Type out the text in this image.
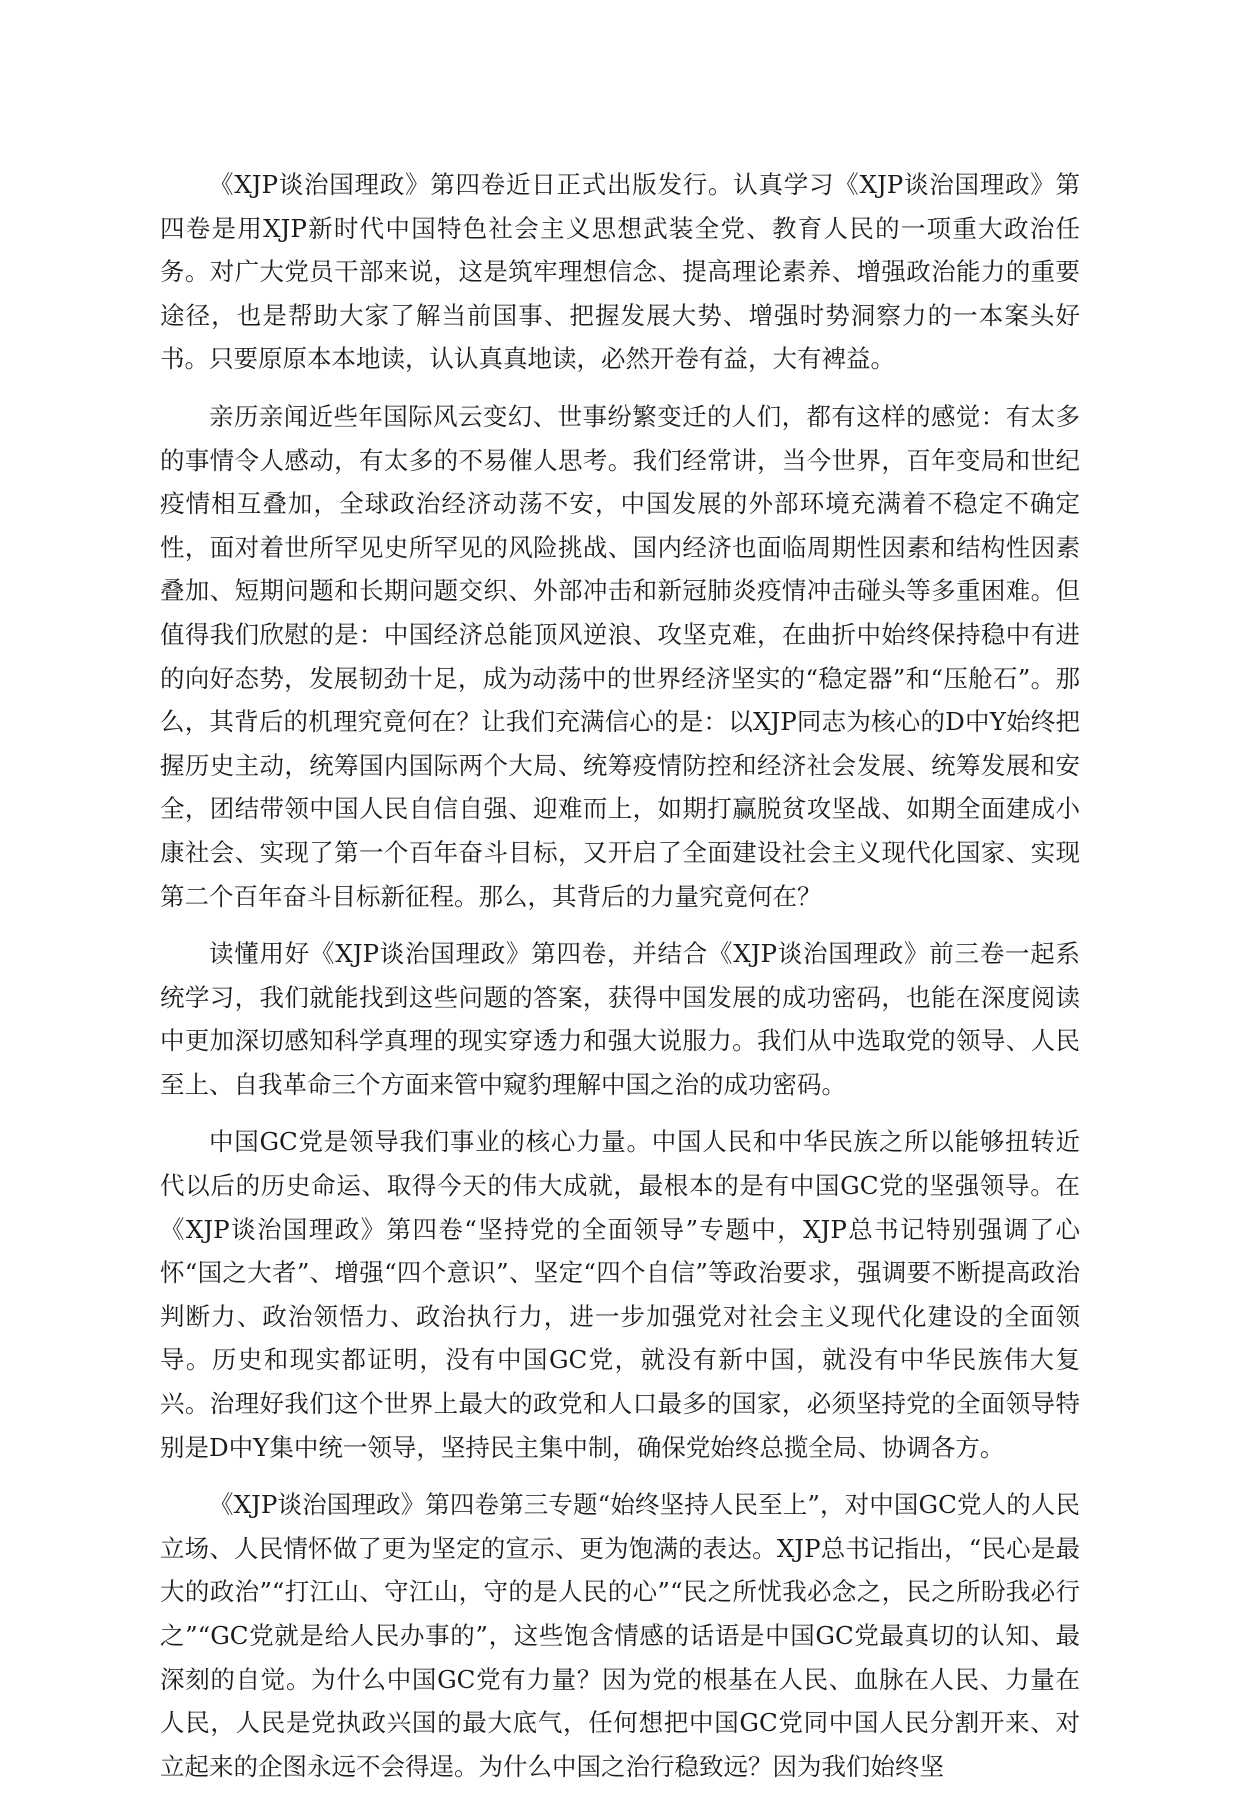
《XJP谈治国理政》第四卷近日正式出版发行。认真学习《XJP谈治国理政》第四卷是用XJP新时代中国特色社会主义思想武装全党、教育人民的一项重大政治任务。对广大党员干部来说，这是筑牢理想信念、提高理论素养、增强政治能力的重要途径，也是帮助大家了解当前国事、把握发展大势、增强时势洞察力的一本案头好书。只要原原本本地读，认认真真地读，必然开卷有益，大有裨益。

亲历亲闻近些年国际风云变幻、世事纷繁变迁的人们，都有这样的感觉：有太多的事情令人感动，有太多的不易催人思考。我们经常讲，当今世界，百年变局和世纪疫情相互叠加，全球政治经济动荡不安，中国发展的外部环境充满着不稳定不确定性，面对着世所罕见史所罕见的风险挑战、国内经济也面临周期性因素和结构性因素叠加、短期问题和长期问题交织、外部冲击和新冠肺炎疫情冲击碰头等多重困难。但值得我们欣慰的是：中国经济总能顶风逆浪、攻坚克难，在曲折中始终保持稳中有进的向好态势，发展韧劲十足，成为动荡中的世界经济坚实的“稳定器”和“压舱石”。那么，其背后的机理究竟何在？让我们充满信心的是：以XJP同志为核心的D中Y始终把握历史主动，统筹国内国际两个大局、统筹疫情防控和经济社会发展、统筹发展和安全，团结带领中国人民自信自强、迎难而上，如期打赢脱贫攻坚战、如期全面建成小康社会、实现了第一个百年奋斗目标，又开启了全面建设社会主义现代化国家、实现第二个百年奋斗目标新征程。那么，其背后的力量究竟何在？

读懂用好《XJP谈治国理政》第四卷，并结合《XJP谈治国理政》前三卷一起系统学习，我们就能找到这些问题的答案，获得中国发展的成功密码，也能在深度阅读中更加深切感知科学真理的现实穿透力和强大说服力。我们从中选取党的领导、人民至上、自我革命三个方面来管中窥豹理解中国之治的成功密码。

中国GC党是领导我们事业的核心力量。中国人民和中华民族之所以能够扭转近代以后的历史命运、取得今天的伟大成就，最根本的是有中国GC党的坚强领导。在《XJP谈治国理政》第四卷“坚持党的全面领导”专题中，XJP总书记特别强调了心怀“国之大者”、增强“四个意识”、坚定“四个自信”等政治要求，强调要不断提高政治判断力、政治领悟力、政治执行力，进一步加强党对社会主义现代化建设的全面领导。历史和现实都证明，没有中国GC党，就没有新中国，就没有中华民族伟大复兴。治理好我们这个世界上最大的政党和人口最多的国家，必须坚持党的全面领导特别是D中Y集中统一领导，坚持民主集中制，确保党始终总揽全局、协调各方。

《XJP谈治国理政》第四卷第三专题“始终坚持人民至上”，对中国GC党人的人民立场、人民情怀做了更为坚定的宣示、更为饱满的表达。XJP总书记指出，“民心是最大的政治”“打江山、守江山，守的是人民的心”“民之所忧我必念之，民之所盼我必行之”“GC党就是给人民办事的”，这些饱含情感的话语是中国GC党最真切的认知、最深刻的自觉。为什么中国GC党有力量？因为党的根基在人民、血脉在人民、力量在人民，人民是党执政兴国的最大底气，任何想把中国GC党同中国人民分割开来、对立起来的企图永远不会得逞。为什么中国之治行稳致远？因为我们始终坚
